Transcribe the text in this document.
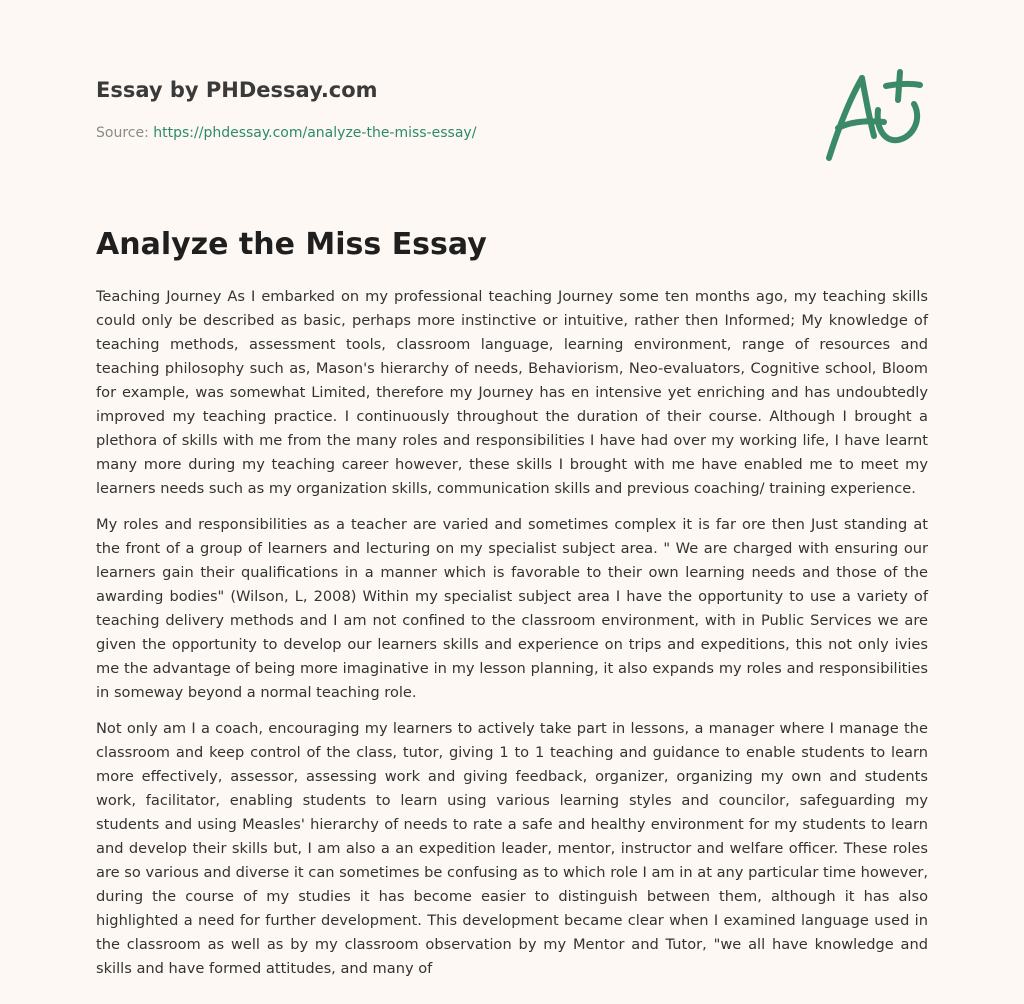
Essay by PHDessay.com
Source: https://phdessay.com/analyze-the-miss-essay/
Analyze the Miss Essay

Teaching Journey As I embarked on my professional teaching Journey some ten months ago, my teaching skills could only be described as basic, perhaps more instinctive or intuitive, rather then Informed; My knowledge of teaching methods, assessment tools, classroom language, learning environment, range of resources and teaching philosophy such as, Mason's hierarchy of needs, Behaviorism, Neo-evaluators, Cognitive school, Bloom for example, was somewhat Limited, therefore my Journey has en intensive yet enriching and has undoubtedly improved my teaching practice. I continuously throughout the duration of their course. Although I brought a plethora of skills with me from the many roles and responsibilities I have had over my working life, I have learnt many more during my teaching career however, these skills I brought with me have enabled me to meet my learners needs such as my organization skills, communication skills and previous coaching/ training experience.

My roles and responsibilities as a teacher are varied and sometimes complex it is far ore then Just standing at the front of a group of learners and lecturing on my specialist subject area. " We are charged with ensuring our learners gain their qualifications in a manner which is favorable to their own learning needs and those of the awarding bodies" (Wilson, L, 2008) Within my specialist subject area I have the opportunity to use a variety of teaching delivery methods and I am not confined to the classroom environment, with in Public Services we are given the opportunity to develop our learners skills and experience on trips and expeditions, this not only ivies me the advantage of being more imaginative in my lesson planning, it also expands my roles and responsibilities in someway beyond a normal teaching role.

Not only am I a coach, encouraging my learners to actively take part in lessons, a manager where I manage the classroom and keep control of the class, tutor, giving 1 to 1 teaching and guidance to enable students to learn more effectively, assessor, assessing work and giving feedback, organizer, organizing my own and students work, facilitator, enabling students to learn using various learning styles and councilor, safeguarding my students and using Measles' hierarchy of needs to rate a safe and healthy environment for my students to learn and develop their skills but, I am also a an expedition leader, mentor, instructor and welfare officer. These roles are so various and diverse it can sometimes be confusing as to which role I am in at any particular time however, during the course of my studies it has become easier to distinguish between them, although it has also highlighted a need for further development. This development became clear when I examined language used in the classroom as well as by my classroom observation by my Mentor and Tutor, "we all have knowledge and skills and have formed attitudes, and many of
